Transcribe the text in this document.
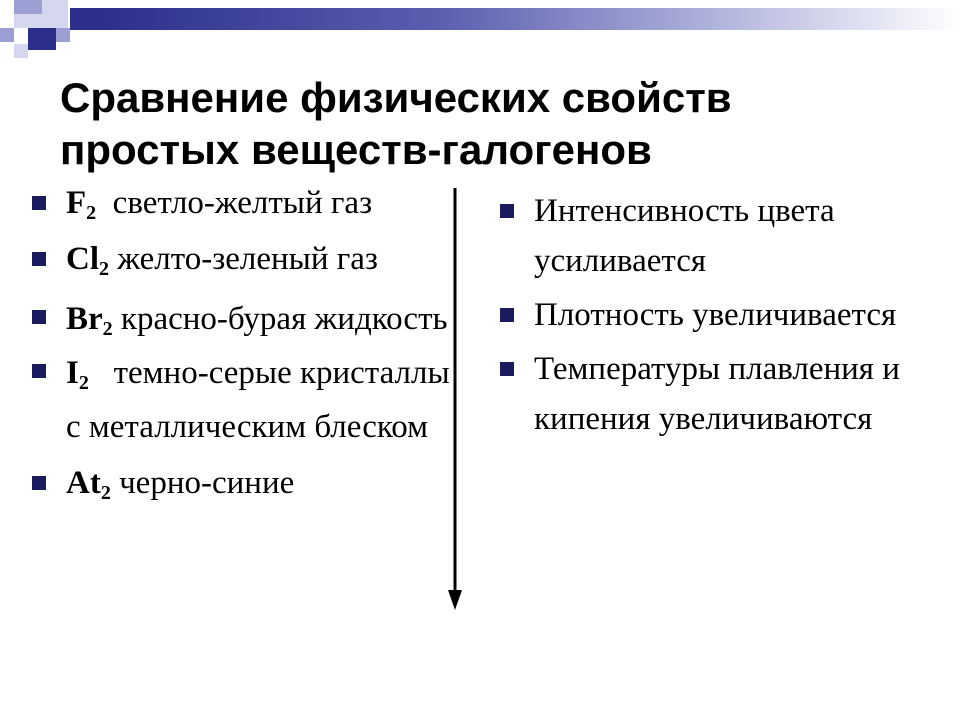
Сравнение физических свойств простых веществ-галогенов
$F_2$ светло-желтый газ
$Cl_2$ желто-зеленый газ
$Br_2$ красно-бурая жидкость
$I_2$ темно-серые кристаллы с металлическим блеском
$At_2$ черно-синие
Интенсивность цвета усиливается
Плотность увеличивается
Температуры плавления и кипения увеличиваются
